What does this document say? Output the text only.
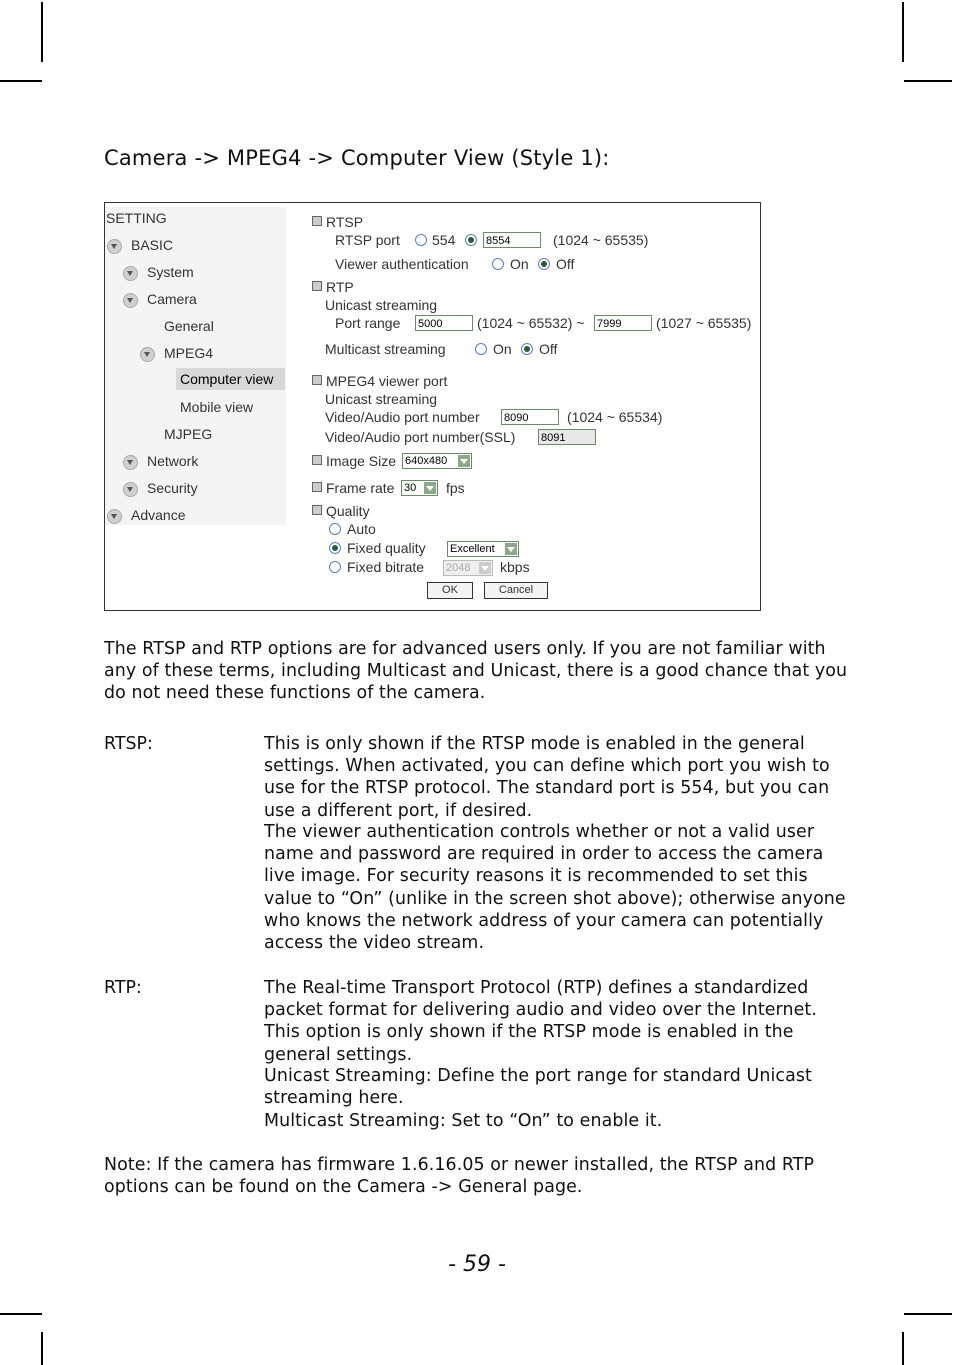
Camera -> MPEG4 -> Computer View (Style 1):
SETTING
BASIC
System
Camera
General
MPEG4
Computer view
Mobile view
MJPEG
Network
Security
Advance
RTSP
RTSP port 554	8554	(1024 ~ 65535)
Viewer authentication	On Off
RTP
Unicast streaming
Port range 5000	(1024 ~ 65532) ~ 7999	(1027 ~ 65535)
Multicast streaming	On Off
MPEG4 viewer port
Unicast streaming
Video/Audio port number 8090	(1024 ~ 65534)
Video/Audio port number(SSL) 8091
Image Size 640x480
Frame rate 30	fps
Quality
Auto
Fixed quality Excellent
Fixed bitrate 2048	kbps
OK	Cancel
The RTSP and RTP options are for advanced users only. If you are not familiar with any of these terms, including Multicast and Unicast, there is a good chance that you do not need these functions of the camera.
RTSP:	This is only shown if the RTSP mode is enabled in the general settings. When activated, you can define which port you wish to use for the RTSP protocol. The standard port is 554, but you can use a different port, if desired.
The viewer authentication controls whether or not a valid user name and password are required in order to access the camera live image. For security reasons it is recommended to set this value to “On” (unlike in the screen shot above); otherwise anyone who knows the network address of your camera can potentially access the video stream.
RTP:	The Real-time Transport Protocol (RTP) defines a standardized packet format for delivering audio and video over the Internet. This option is only shown if the RTSP mode is enabled in the general settings.
Unicast Streaming: Define the port range for standard Unicast streaming here.
Multicast Streaming: Set to “On” to enable it.
Note: If the camera has firmware 1.6.16.05 or newer installed, the RTSP and RTP options can be found on the Camera -> General page.
- 59 -
